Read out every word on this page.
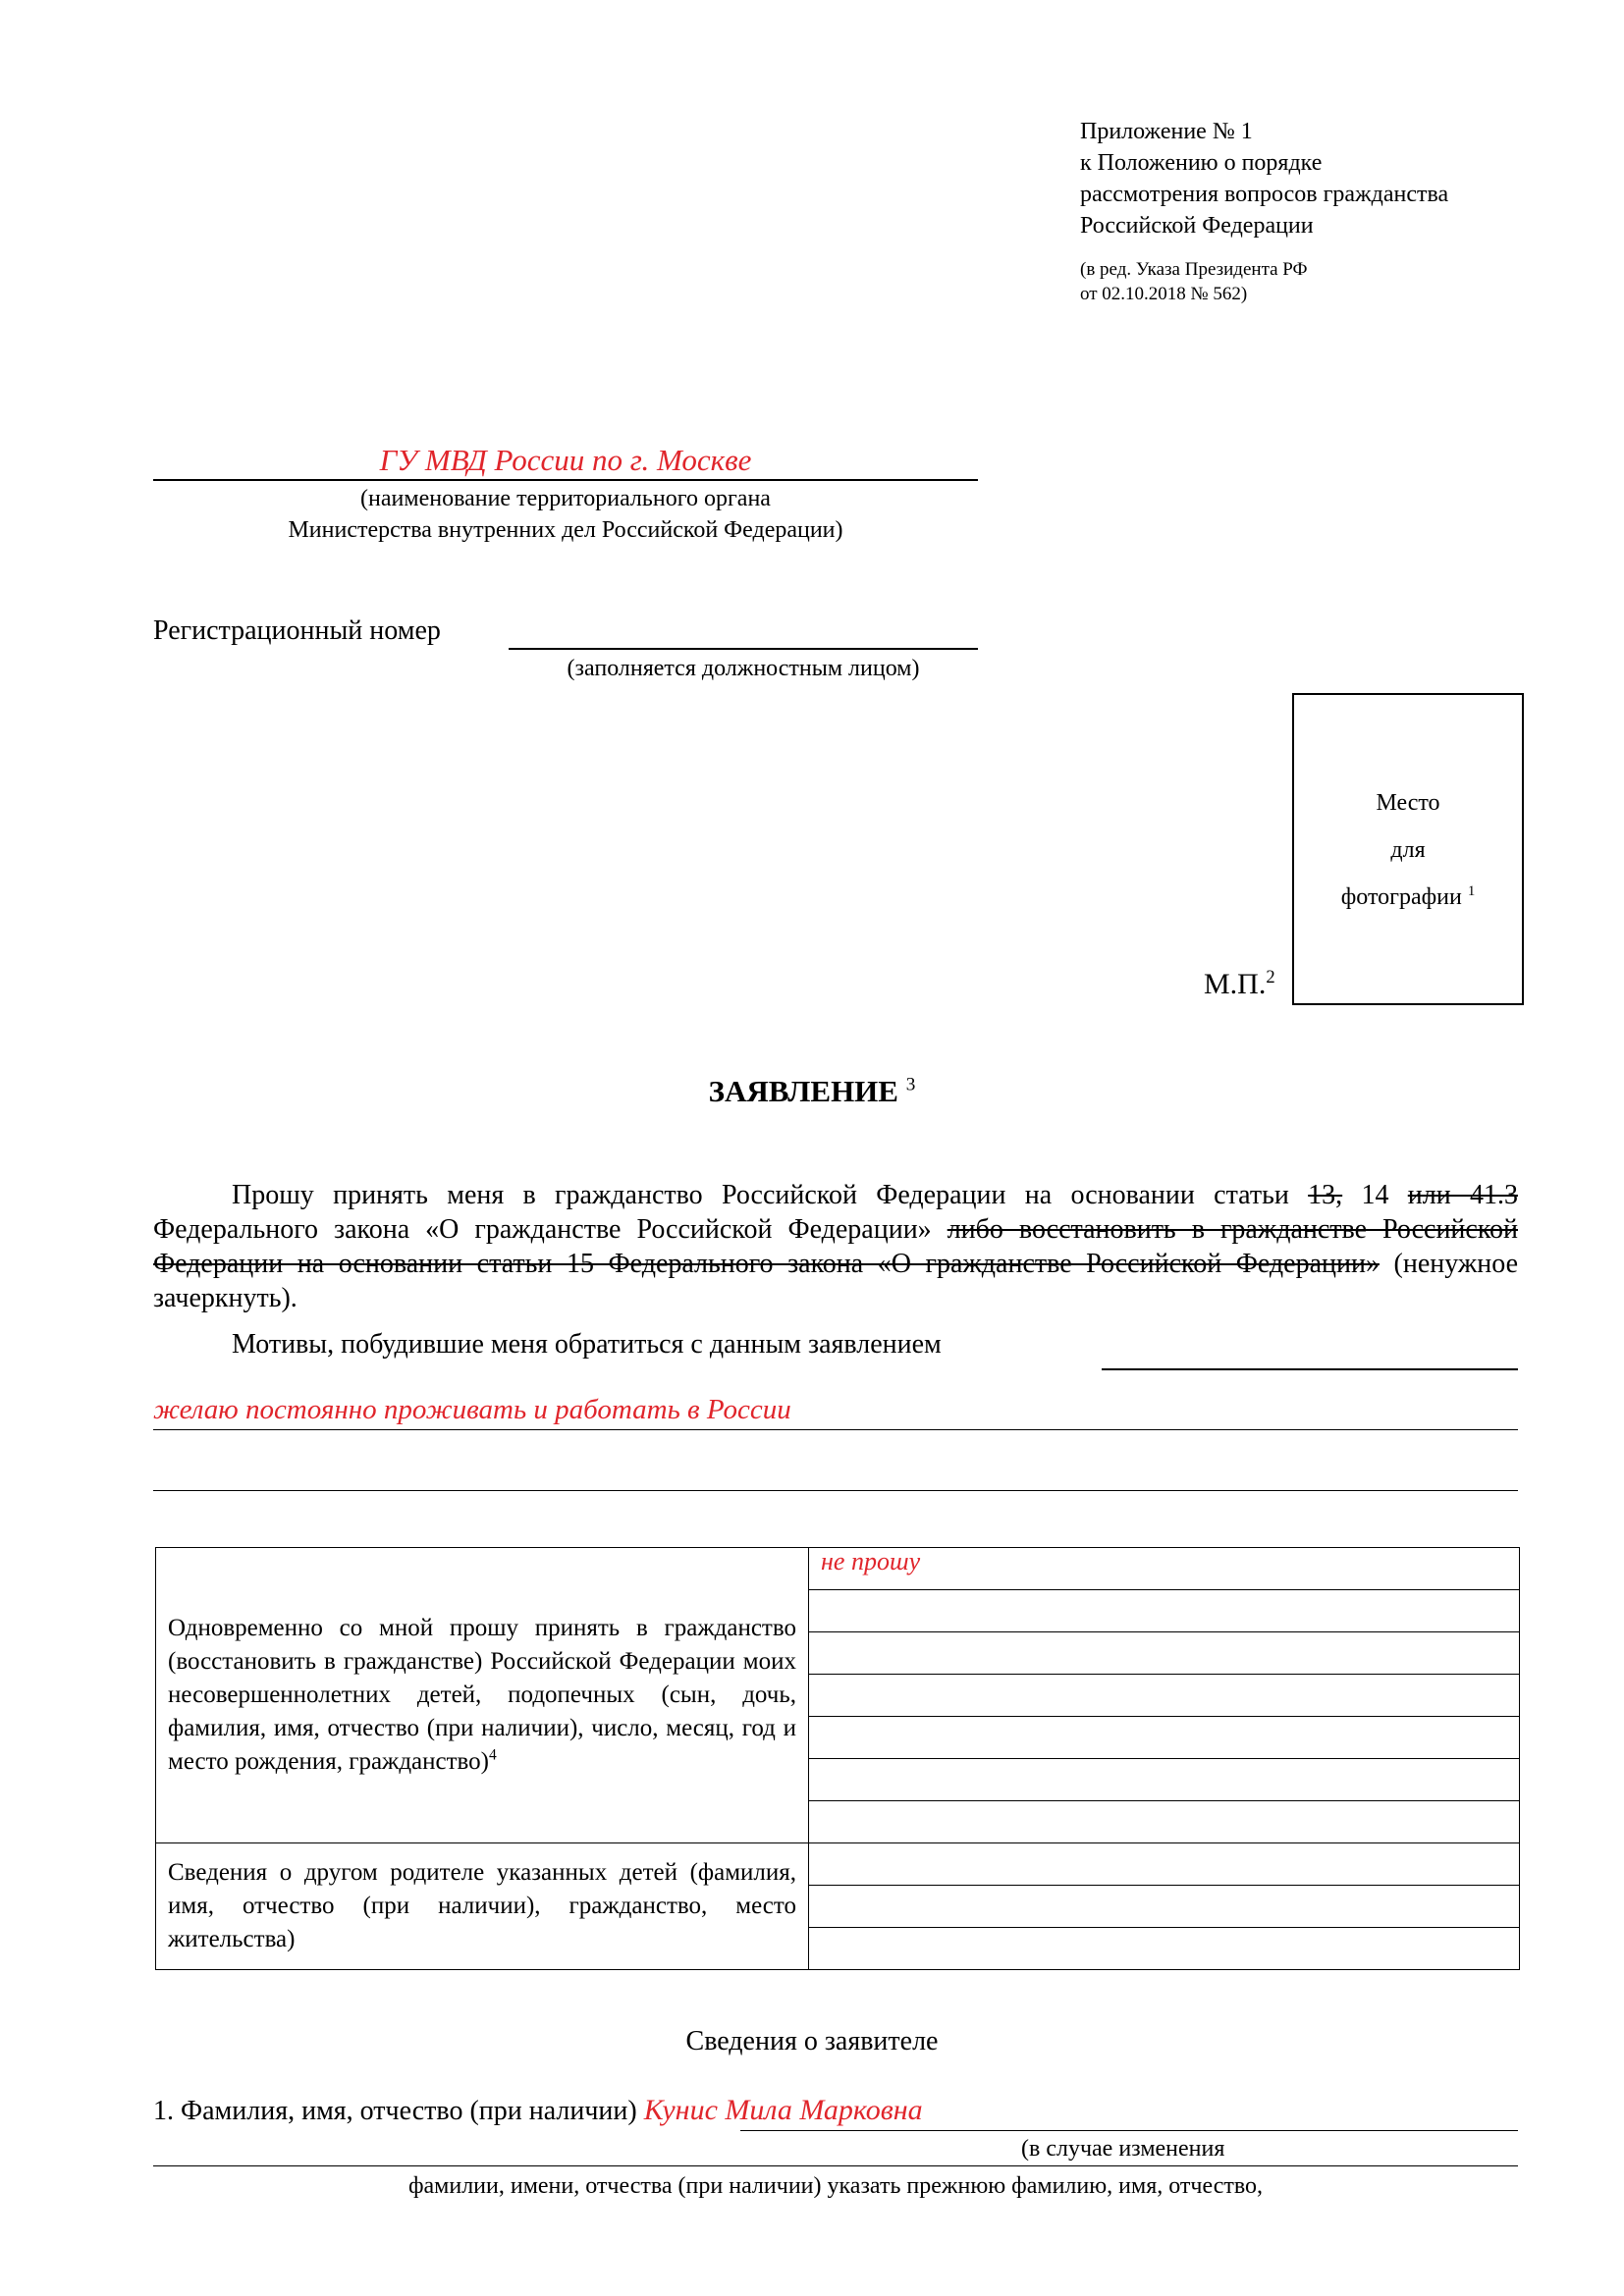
Приложение № 1
к Положению о порядке
рассмотрения вопросов гражданства
Российской Федерации
(в ред. Указа Президента РФ
от 02.10.2018 № 562)
ГУ МВД России по г. Москве
(наименование территориального органа
Министерства внутренних дел Российской Федерации)
Регистрационный номер
(заполняется должностным лицом)
Место
для
фотографии $^1$
М.П.$^2$
ЗАЯВЛЕНИЕ $^3$
Прошу принять меня в гражданство Российской Федерации на основании статьи 13, 14 или 41.3 Федерального закона «О гражданстве Российской Федерации» либо восстановить в гражданстве Российской Федерации на основании статьи 15 Федерального закона «О гражданстве Российской Федерации» (ненужное зачеркнуть).
Мотивы, побудившие меня обратиться с данным заявлением
желаю постоянно проживать и работать в России
Одновременно со мной прошу принять в гражданство (восстановить в гражданстве) Российской Федерации моих несовершеннолетних детей, подопечных (сын, дочь, фамилия, имя, отчество (при наличии), число, месяц, год и место рождения, гражданство)$^4$	не прошу

Сведения о другом родителе указанных детей (фамилия, имя, отчество (при наличии), гражданство, место жительства)	

Сведения о заявителе
1. Фамилия, имя, отчество (при наличии) Кунис Мила Марковна
(в случае изменения
фамилии, имени, отчества (при наличии) указать прежнюю фамилию, имя, отчество,
